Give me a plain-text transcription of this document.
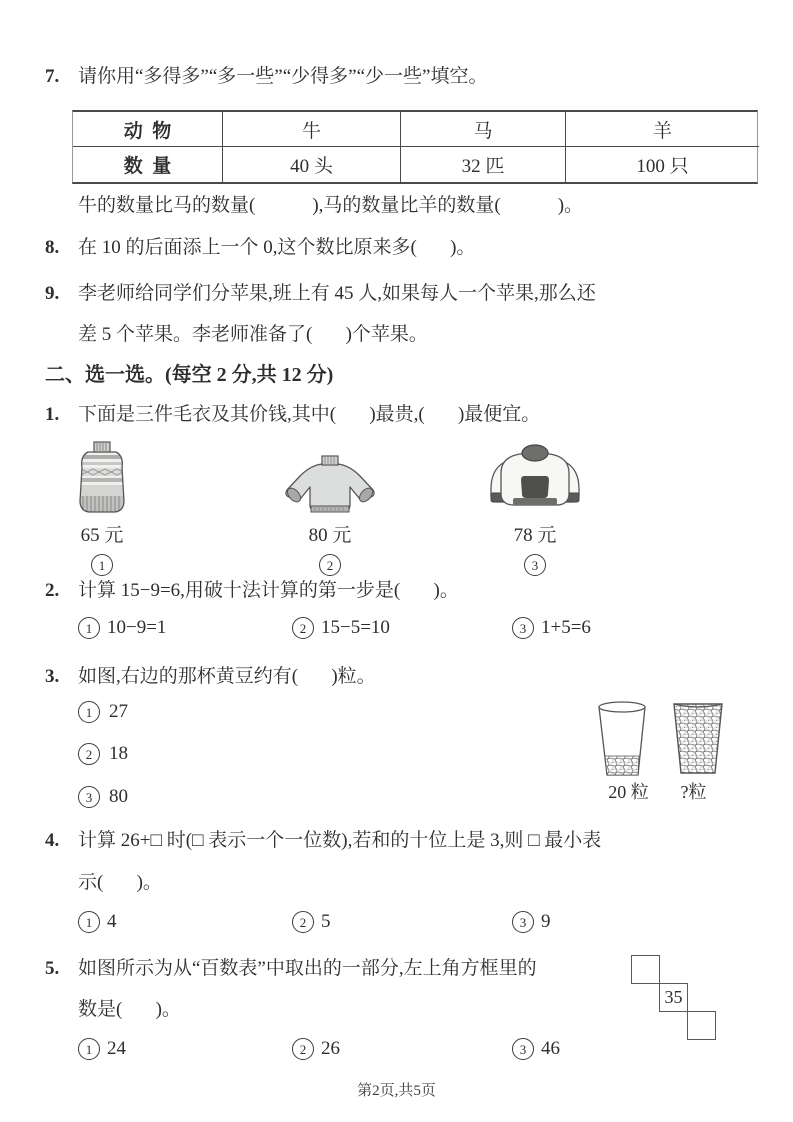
7. 请你用“多得多”“多一些”“少得多”“少一些”填空。
动  物	牛	马	羊
数  量	40 头	32 匹	100 只
牛的数量比马的数量(            ),马的数量比羊的数量(            )。
8. 在 10 的后面添上一个 0,这个数比原来多(       )。
9. 李老师给同学们分苹果,班上有 45 人,如果每人一个苹果,那么还
差 5 个苹果。李老师准备了(       )个苹果。
二、选一选。(每空 2 分,共 12 分)
1. 下面是三件毛衣及其价钱,其中(       )最贵,(       )最便宜。
65 元
1
80 元
2
78 元
3
2. 计算 15−9=6,用破十法计算的第一步是(       )。
1 10−9=1	2 15−5=10	3 1+5=6
3. 如图,右边的那杯黄豆约有(       )粒。
1 27
2 18
3 80	20 粒	?粒
4. 计算 26+□ 时(□ 表示一个一位数),若和的十位上是 3,则 □ 最小表
示(       )。
1 4	2 5	3 9
5. 如图所示为从“百数表”中取出的一部分,左上角方框里的
数是(       )。
1 24	2 26	3 46
35
第2页,共5页
